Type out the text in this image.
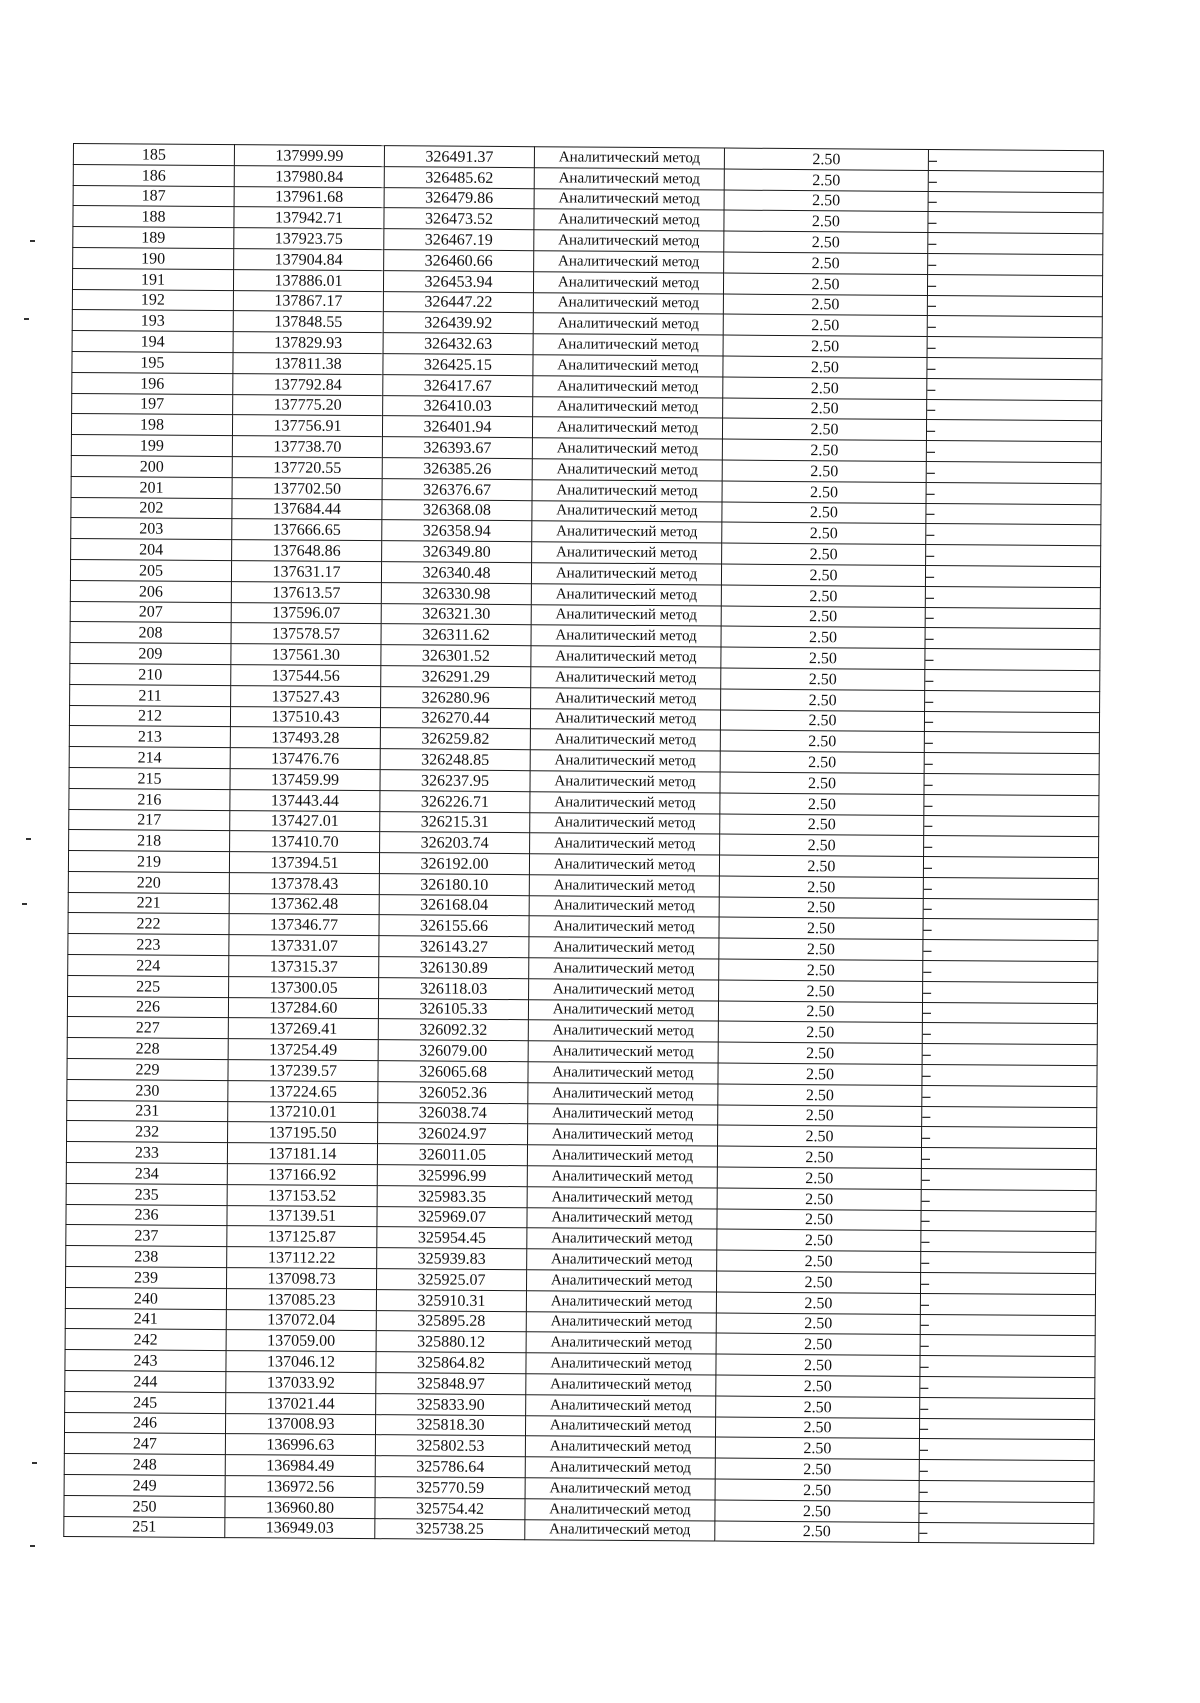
185	137999.99	326491.37	Аналитический метод	2.50	–
186	137980.84	326485.62	Аналитический метод	2.50	–
187	137961.68	326479.86	Аналитический метод	2.50	–
188	137942.71	326473.52	Аналитический метод	2.50	–
189	137923.75	326467.19	Аналитический метод	2.50	–
190	137904.84	326460.66	Аналитический метод	2.50	–
191	137886.01	326453.94	Аналитический метод	2.50	–
192	137867.17	326447.22	Аналитический метод	2.50	–
193	137848.55	326439.92	Аналитический метод	2.50	–
194	137829.93	326432.63	Аналитический метод	2.50	–
195	137811.38	326425.15	Аналитический метод	2.50	–
196	137792.84	326417.67	Аналитический метод	2.50	–
197	137775.20	326410.03	Аналитический метод	2.50	–
198	137756.91	326401.94	Аналитический метод	2.50	–
199	137738.70	326393.67	Аналитический метод	2.50	–
200	137720.55	326385.26	Аналитический метод	2.50	–
201	137702.50	326376.67	Аналитический метод	2.50	–
202	137684.44	326368.08	Аналитический метод	2.50	–
203	137666.65	326358.94	Аналитический метод	2.50	–
204	137648.86	326349.80	Аналитический метод	2.50	–
205	137631.17	326340.48	Аналитический метод	2.50	–
206	137613.57	326330.98	Аналитический метод	2.50	–
207	137596.07	326321.30	Аналитический метод	2.50	–
208	137578.57	326311.62	Аналитический метод	2.50	–
209	137561.30	326301.52	Аналитический метод	2.50	–
210	137544.56	326291.29	Аналитический метод	2.50	–
211	137527.43	326280.96	Аналитический метод	2.50	–
212	137510.43	326270.44	Аналитический метод	2.50	–
213	137493.28	326259.82	Аналитический метод	2.50	–
214	137476.76	326248.85	Аналитический метод	2.50	–
215	137459.99	326237.95	Аналитический метод	2.50	–
216	137443.44	326226.71	Аналитический метод	2.50	–
217	137427.01	326215.31	Аналитический метод	2.50	–
218	137410.70	326203.74	Аналитический метод	2.50	–
219	137394.51	326192.00	Аналитический метод	2.50	–
220	137378.43	326180.10	Аналитический метод	2.50	–
221	137362.48	326168.04	Аналитический метод	2.50	–
222	137346.77	326155.66	Аналитический метод	2.50	–
223	137331.07	326143.27	Аналитический метод	2.50	–
224	137315.37	326130.89	Аналитический метод	2.50	–
225	137300.05	326118.03	Аналитический метод	2.50	–
226	137284.60	326105.33	Аналитический метод	2.50	–
227	137269.41	326092.32	Аналитический метод	2.50	–
228	137254.49	326079.00	Аналитический метод	2.50	–
229	137239.57	326065.68	Аналитический метод	2.50	–
230	137224.65	326052.36	Аналитический метод	2.50	–
231	137210.01	326038.74	Аналитический метод	2.50	–
232	137195.50	326024.97	Аналитический метод	2.50	–
233	137181.14	326011.05	Аналитический метод	2.50	–
234	137166.92	325996.99	Аналитический метод	2.50	–
235	137153.52	325983.35	Аналитический метод	2.50	–
236	137139.51	325969.07	Аналитический метод	2.50	–
237	137125.87	325954.45	Аналитический метод	2.50	–
238	137112.22	325939.83	Аналитический метод	2.50	–
239	137098.73	325925.07	Аналитический метод	2.50	–
240	137085.23	325910.31	Аналитический метод	2.50	–
241	137072.04	325895.28	Аналитический метод	2.50	–
242	137059.00	325880.12	Аналитический метод	2.50	–
243	137046.12	325864.82	Аналитический метод	2.50	–
244	137033.92	325848.97	Аналитический метод	2.50	–
245	137021.44	325833.90	Аналитический метод	2.50	–
246	137008.93	325818.30	Аналитический метод	2.50	–
247	136996.63	325802.53	Аналитический метод	2.50	–
248	136984.49	325786.64	Аналитический метод	2.50	–
249	136972.56	325770.59	Аналитический метод	2.50	–
250	136960.80	325754.42	Аналитический метод	2.50	–
251	136949.03	325738.25	Аналитический метод	2.50	–
